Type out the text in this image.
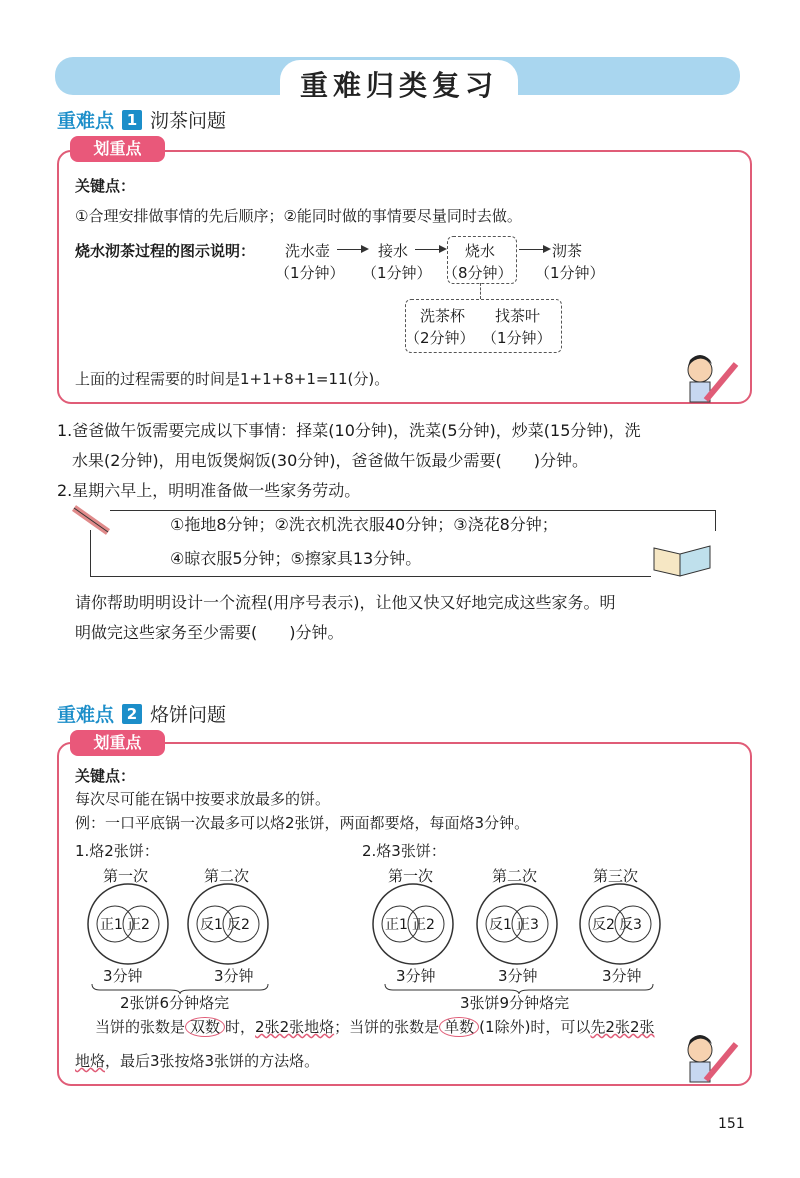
重难归类复习
重难点 1 沏茶问题
划重点
关键点：
①合理安排做事情的先后顺序；②能同时做的事情要尽量同时去做。
烧水沏茶过程的图示说明： 洗水壶
（1分钟）
接水
（1分钟）
烧水
（8分钟）
沏茶
（1分钟）
洗茶杯
（2分钟）
找茶叶
（1分钟）
上面的过程需要的时间是1+1+8+1=11(分)。
1.爸爸做午饭需要完成以下事情：择菜(10分钟)，洗菜(5分钟)，炒菜(15分钟)，洗
水果(2分钟)，用电饭煲焖饭(30分钟)，爸爸做午饭最少需要(　　)分钟。
2.星期六早上，明明准备做一些家务劳动。
①拖地8分钟；②洗衣机洗衣服40分钟；③浇花8分钟；
④晾衣服5分钟；⑤擦家具13分钟。
请你帮助明明设计一个流程(用序号表示)，让他又快又好地完成这些家务。明
明做完这些家务至少需要(　　)分钟。
重难点 2 烙饼问题
划重点
关键点：
每次尽可能在锅中按要求放最多的饼。
例：一口平底锅一次最多可以烙2张饼，两面都要烙，每面烙3分钟。
1.烙2张饼：	2.烙3张饼：
第一次	第二次
正1 正2	反1 反2
3分钟	3分钟
2张饼6分钟烙完
第一次	第二次	第三次
正1 正2	反1 正3	反2 反3
3分钟	3分钟	3分钟
3张饼9分钟烙完
当饼的张数是 双数 时，2张2张地烙；当饼的张数是 单数 (1除外)时，可以先2张2张
地烙，最后3张按烙3张饼的方法烙。
151
